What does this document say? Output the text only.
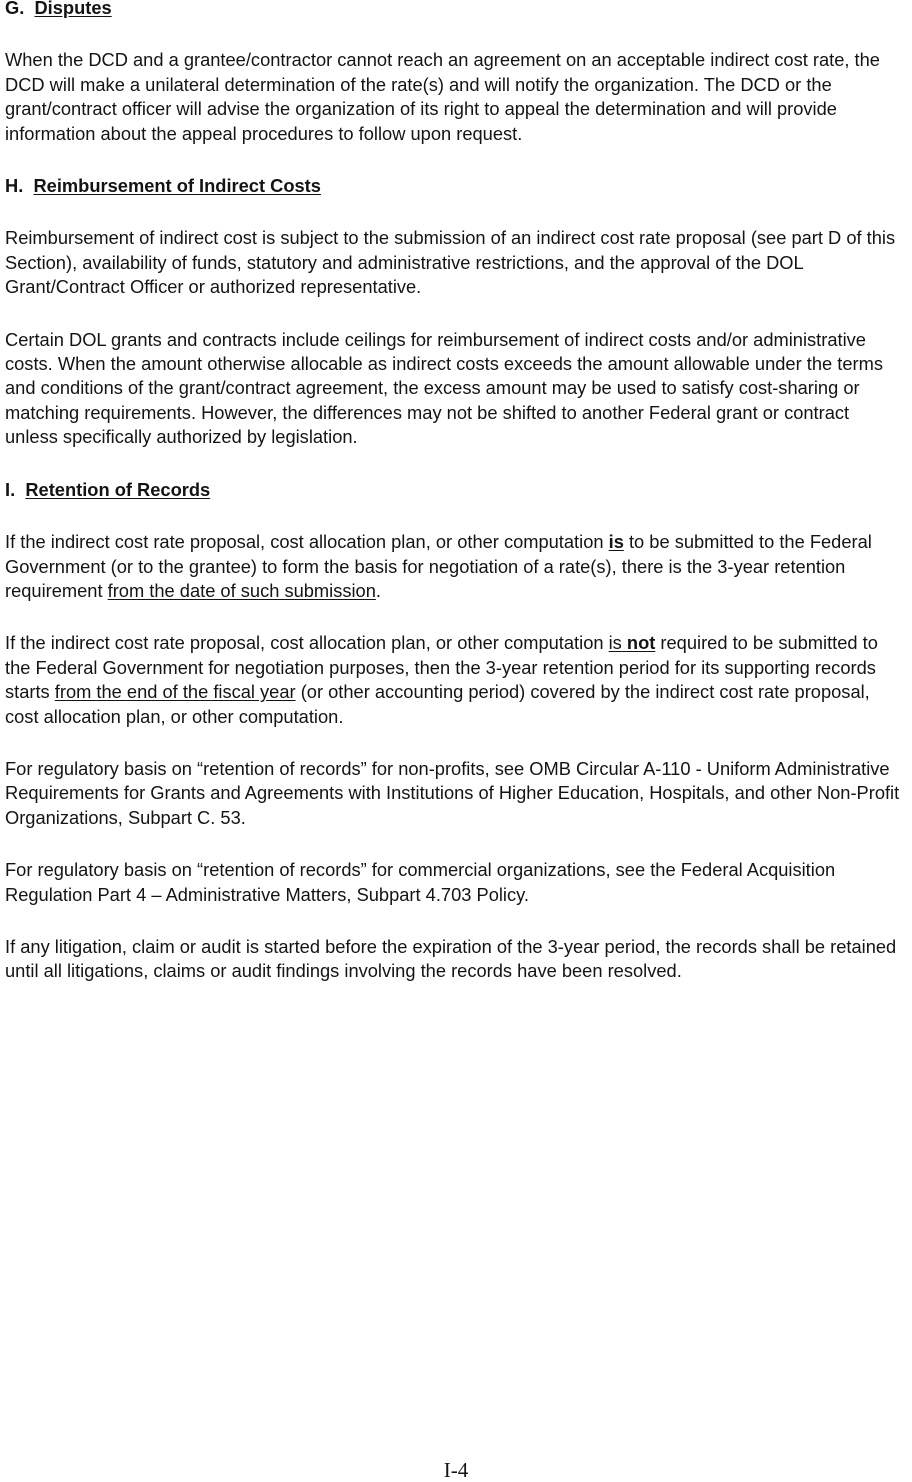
G. Disputes

When the DCD and a grantee/contractor cannot reach an agreement on an acceptable indirect cost rate, the DCD will make a unilateral determination of the rate(s) and will notify the organization. The DCD or the grant/contract officer will advise the organization of its right to appeal the determination and will provide information about the appeal procedures to follow upon request.

H. Reimbursement of Indirect Costs

Reimbursement of indirect cost is subject to the submission of an indirect cost rate proposal (see part D of this Section), availability of funds, statutory and administrative restrictions, and the approval of the DOL Grant/Contract Officer or authorized representative.

Certain DOL grants and contracts include ceilings for reimbursement of indirect costs and/or administrative costs. When the amount otherwise allocable as indirect costs exceeds the amount allowable under the terms and conditions of the grant/contract agreement, the excess amount may be used to satisfy cost-sharing or matching requirements. However, the differences may not be shifted to another Federal grant or contract unless specifically authorized by legislation.

I. Retention of Records

If the indirect cost rate proposal, cost allocation plan, or other computation is to be submitted to the Federal Government (or to the grantee) to form the basis for negotiation of a rate(s), there is the 3-year retention requirement from the date of such submission.

If the indirect cost rate proposal, cost allocation plan, or other computation is not required to be submitted to the Federal Government for negotiation purposes, then the 3-year retention period for its supporting records starts from the end of the fiscal year (or other accounting period) covered by the indirect cost rate proposal, cost allocation plan, or other computation.

For regulatory basis on “retention of records” for non-profits, see OMB Circular A-110 - Uniform Administrative Requirements for Grants and Agreements with Institutions of Higher Education, Hospitals, and other Non-Profit Organizations, Subpart C. 53.

For regulatory basis on “retention of records” for commercial organizations, see the Federal Acquisition Regulation Part 4 – Administrative Matters, Subpart 4.703 Policy.

If any litigation, claim or audit is started before the expiration of the 3-year period, the records shall be retained until all litigations, claims or audit findings involving the records have been resolved.

I-4
